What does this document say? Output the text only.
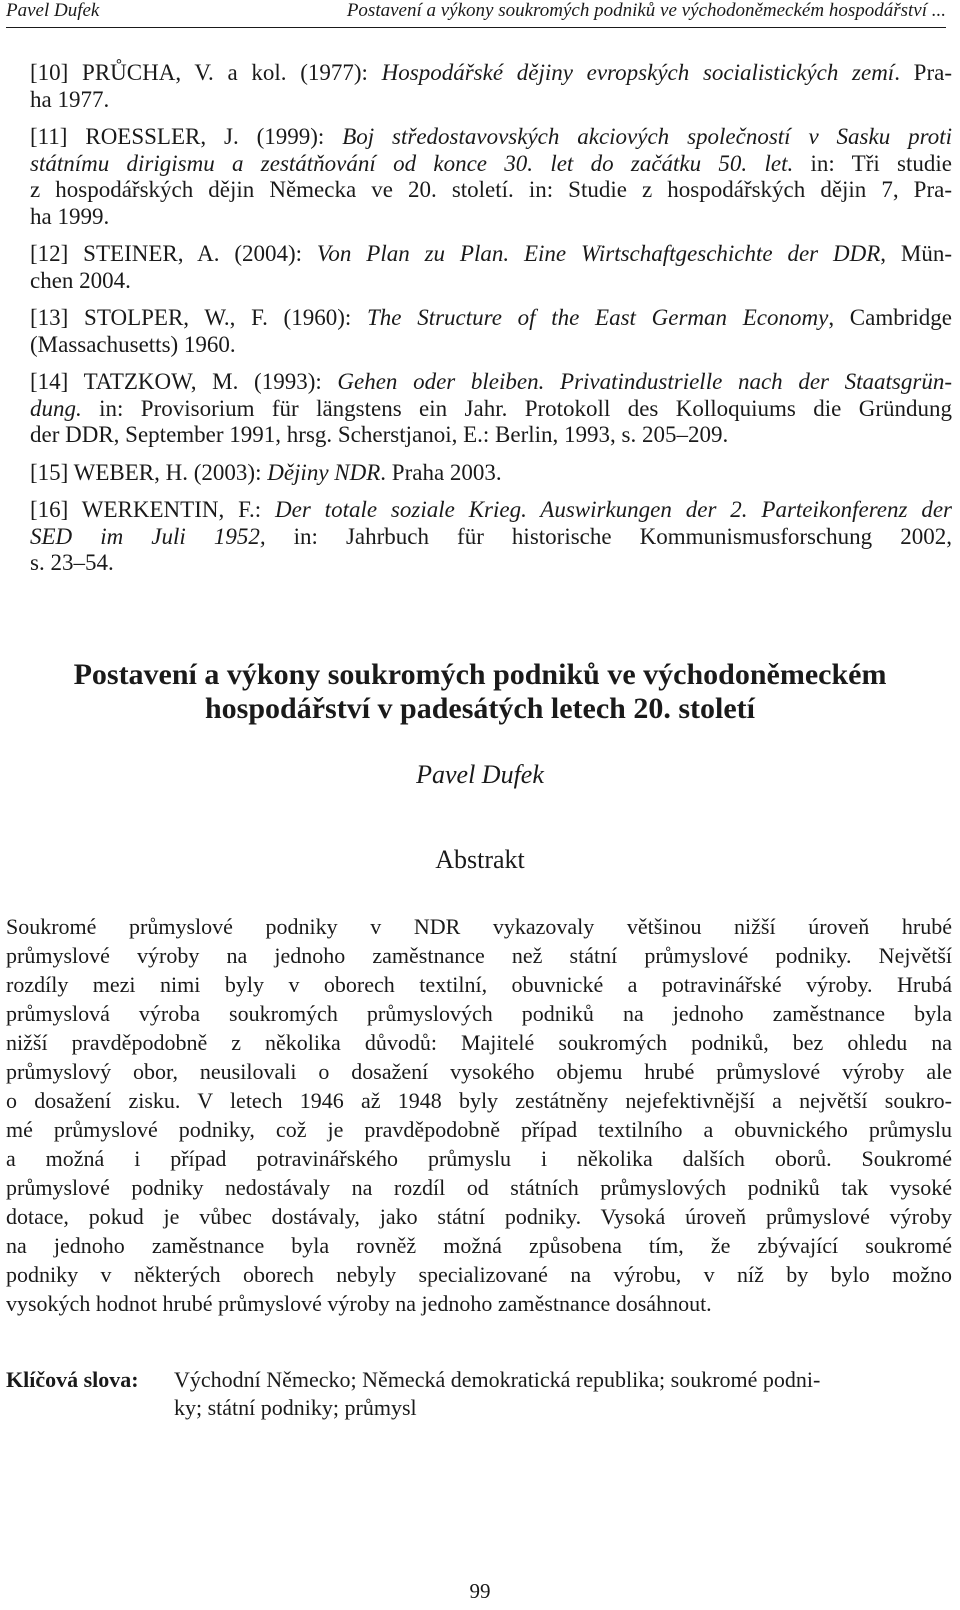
Pavel Dufek	Postavení a výkony soukromých podniků ve východoněmeckém hospodářství ...
[10] PRŮCHA, V. a kol. (1977): Hospodářské dějiny evropských socialistických zemí. Pra-
ha 1977.
[11] ROESSLER, J. (1999): Boj středostavovských akciových společností v Sasku proti
státnímu dirigismu a zestátňování od konce 30. let do začátku 50. let. in: Tři studie
z hospodářských dějin Německa ve 20. století. in: Studie z hospodářských dějin 7, Pra-
ha 1999.
[12] STEINER, A. (2004): Von Plan zu Plan. Eine Wirtschaftgeschichte der DDR, Mün-
chen 2004.
[13] STOLPER, W., F. (1960): The Structure of the East German Economy, Cambridge
(Massachusetts) 1960.
[14] TATZKOW, M. (1993): Gehen oder bleiben. Privatindustrielle nach der Staatsgrün-
dung. in: Provisorium für längstens ein Jahr. Protokoll des Kolloquiums die Gründung
der DDR, September 1991, hrsg. Scherstjanoi, E.: Berlin, 1993, s. 205–209.
[15] WEBER, H. (2003): Dějiny NDR. Praha 2003.
[16] WERKENTIN, F.: Der totale soziale Krieg. Auswirkungen der 2. Parteikonferenz der
SED im Juli 1952, in: Jahrbuch für historische Kommunismusforschung 2002,
s. 23–54.
Postavení a výkony soukromých podniků ve východoněmeckém
hospodářství v padesátých letech 20. století
Pavel Dufek
Abstrakt
Soukromé průmyslové podniky v NDR vykazovaly většinou nižší úroveň hrubé
průmyslové výroby na jednoho zaměstnance než státní průmyslové podniky. Největší
rozdíly mezi nimi byly v oborech textilní, obuvnické a potravinářské výroby. Hrubá
průmyslová výroba soukromých průmyslových podniků na jednoho zaměstnance byla
nižší pravděpodobně z několika důvodů: Majitelé soukromých podniků, bez ohledu na
průmyslový obor, neusilovali o dosažení vysokého objemu hrubé průmyslové výroby ale
o dosažení zisku. V letech 1946 až 1948 byly zestátněny nejefektivnější a největší soukro-
mé průmyslové podniky, což je pravděpodobně případ textilního a obuvnického průmyslu
a možná i případ potravinářského průmyslu i několika dalších oborů. Soukromé
průmyslové podniky nedostávaly na rozdíl od státních průmyslových podniků tak vysoké
dotace, pokud je vůbec dostávaly, jako státní podniky. Vysoká úroveň průmyslové výroby
na jednoho zaměstnance byla rovněž možná způsobena tím, že zbývající soukromé
podniky v některých oborech nebyly specializované na výrobu, v níž by bylo možno
vysokých hodnot hrubé průmyslové výroby na jednoho zaměstnance dosáhnout.
Klíčová slova:	Východní Německo; Německá demokratická republika; soukromé podni-
ky; státní podniky; průmysl
99
